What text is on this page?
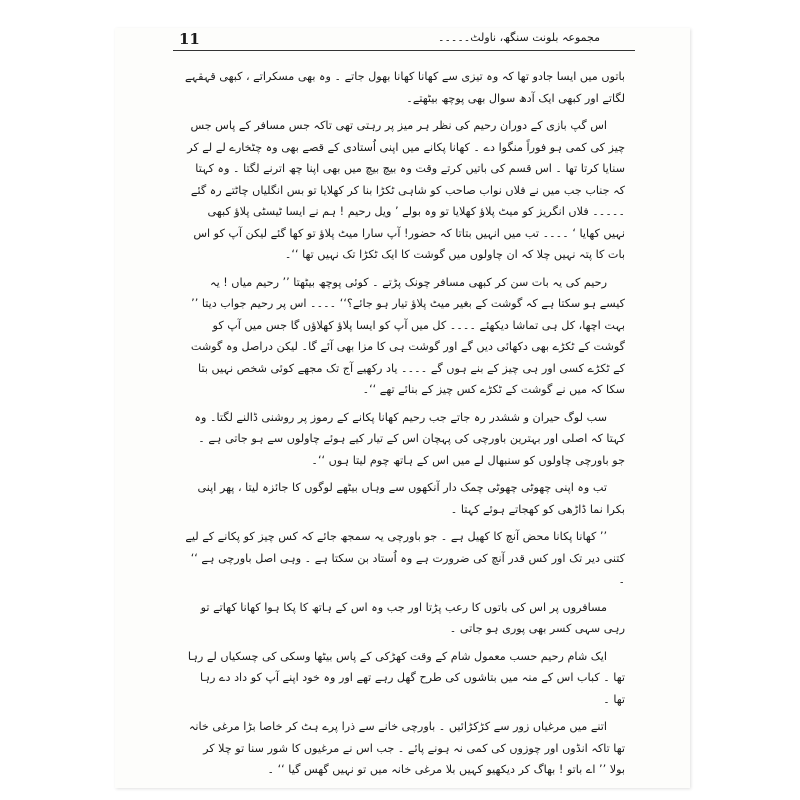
11	مجموعہ بلونت سنگھ، ناولٹ۔۔۔۔۔

باتوں میں ایسا جادو تھا کہ وہ تیزی سے کھانا کھانا بھول جاتے ۔ وہ بھی مسکراتے ، کبھی قہقہے لگاتے اور کبھی ایک آدھ سوال بھی پوچھ بیٹھتے۔

اس گپ بازی کے دوران رحیم کی نظر ہر میز پر رہتی تھی تاکہ جس مسافر کے پاس جس چیز کی کمی ہو فوراً منگوا دے ۔ کھانا پکانے میں اپنی اُستادی کے قصے بھی وہ چٹخارے لے لے کر سنایا کرتا تھا ۔ اس قسم کی باتیں کرتے وقت وہ بیچ بیچ میں بھی اپنا چھ اترنے لگتا ۔ وہ کہتا کہ جناب جب میں نے فلاں نواب صاحب کو شاہی ٹکڑا بنا کر کھلایا تو بس انگلیاں چاٹتے رہ گئے ۔۔۔۔۔ فلاں انگریز کو میٹ پلاؤ کھلایا تو وہ بولے ’ ویل رحیم ! ہم نے ایسا ٹیسٹی پلاؤ کبھی نہیں کھایا ‘ ۔۔۔۔ تب میں انہیں بتاتا کہ حضور! آپ سارا میٹ پلاؤ تو کھا گئے لیکن آپ کو اس بات کا پتہ نہیں چلا کہ ان چاولوں میں گوشت کا ایک ٹکڑا تک نہیں تھا ‘‘۔

رحیم کی یہ بات سن کر کبھی مسافر چونک پڑتے ۔ کوئی پوچھ بیٹھتا ’’ رحیم میاں ! یہ کیسے ہو سکتا ہے کہ گوشت کے بغیر میٹ پلاؤ تیار ہو جائے؟‘‘ ۔۔۔۔ اس پر رحیم جواب دیتا ’’ بہت اچھا، کل ہی تماشا دیکھئے ۔۔۔۔ کل میں آپ کو ایسا پلاؤ کھلاؤں گا جس میں آپ کو گوشت کے ٹکڑے بھی دکھائی دیں گے اور گوشت ہی کا مزا بھی آئے گا۔ لیکن دراصل وہ گوشت کے ٹکڑے کسی اور ہی چیز کے بنے ہوں گے ۔۔۔۔ یاد رکھیے آج تک مجھے کوئی شخص نہیں بتا سکا کہ میں نے گوشت کے ٹکڑے کس چیز کے بنائے تھے ‘‘۔

سب لوگ حیران و ششدر رہ جاتے جب رحیم کھانا پکانے کے رموز پر روشنی ڈالنے لگتا۔ وہ کہتا کہ اصلی اور بہترین باورچی کی پہچان اس کے تیار کیے ہوئے چاولوں سے ہو جاتی ہے ۔ جو باورچی چاولوں کو سنبھال لے میں اس کے ہاتھ چوم لیتا ہوں ‘‘۔

تب وہ اپنی چھوٹی چھوٹی چمک دار آنکھوں سے وہاں بیٹھے لوگوں کا جائزہ لیتا ، پھر اپنی بکرا نما ڈاڑھی کو کھجاتے ہوئے کہتا ۔

’’ کھانا پکانا محض آنچ کا کھیل ہے ۔ جو باورچی یہ سمجھ جائے کہ کس چیز کو پکانے کے لیے کتنی دیر تک اور کس قدر آنچ کی ضرورت ہے وہ اُستاد بن سکتا ہے ۔ وہی اصل باورچی ہے ‘‘ ۔

مسافروں پر اس کی باتوں کا رعب پڑتا اور جب وہ اس کے ہاتھ کا پکا ہوا کھانا کھاتے تو رہی سہی کسر بھی پوری ہو جاتی ۔

ایک شام رحیم حسب معمول شام کے وقت کھڑکی کے پاس بیٹھا وسکی کی چسکیاں لے رہا تھا ۔ کباب اس کے منہ میں بتاشوں کی طرح گھل رہے تھے اور وہ خود اپنے آپ کو داد دے رہا تھا ۔

اتنے میں مرغیاں زور سے کڑکڑائیں ۔ باورچی خانے سے ذرا پرے ہٹ کر خاصا بڑا مرغی خانہ تھا تاکہ انڈوں اور چوزوں کی کمی نہ ہونے پائے ۔ جب اس نے مرغیوں کا شور سنا تو چلا کر بولا ’’ اے باتو ! بھاگ کر دیکھیو کہیں بلا مرغی خانہ میں تو نہیں گھس گیا ‘‘ ۔
